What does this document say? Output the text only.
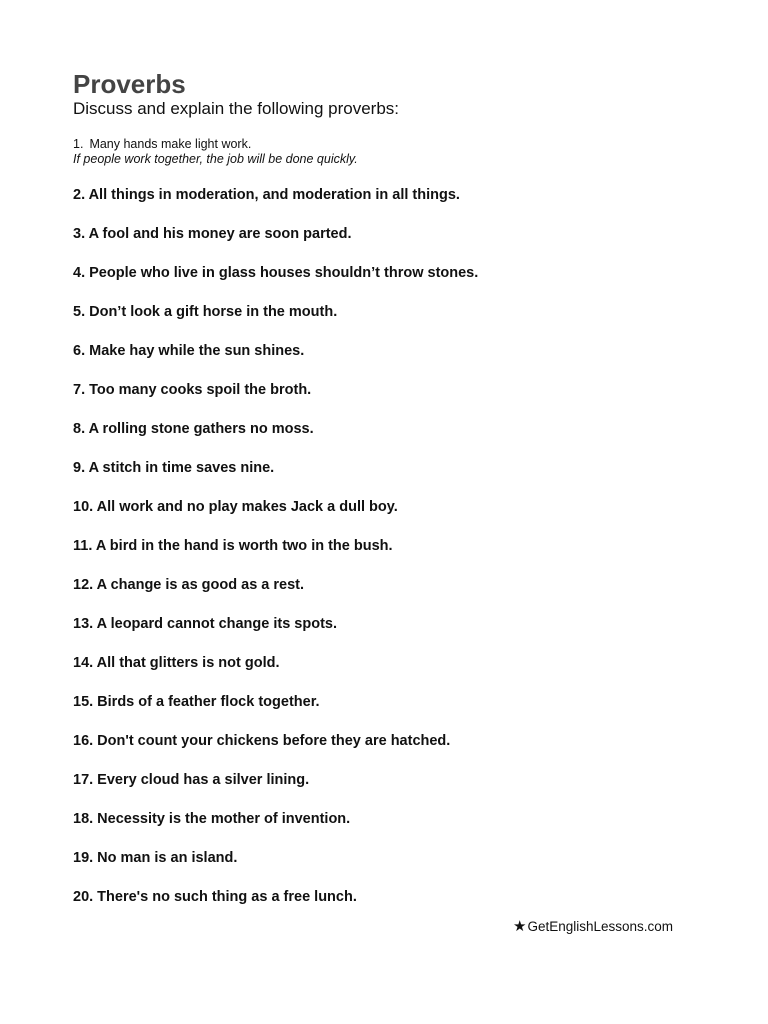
Proverbs

Discuss and explain the following proverbs:

1. Many hands make light work.
If people work together, the job will be done quickly.
2. All things in moderation, and moderation in all things.
3. A fool and his money are soon parted.
4. People who live in glass houses shouldn’t throw stones.
5. Don’t look a gift horse in the mouth.
6. Make hay while the sun shines.
7. Too many cooks spoil the broth.
8. A rolling stone gathers no moss.
9. A stitch in time saves nine.
10. All work and no play makes Jack a dull boy.
11. A bird in the hand is worth two in the bush.
12. A change is as good as a rest.
13. A leopard cannot change its spots.
14. All that glitters is not gold.
15. Birds of a feather flock together.
16. Don't count your chickens before they are hatched.
17. Every cloud has a silver lining.
18. Necessity is the mother of invention.
19. No man is an island.
20. There's no such thing as a free lunch.
★GetEnglishLessons.com
